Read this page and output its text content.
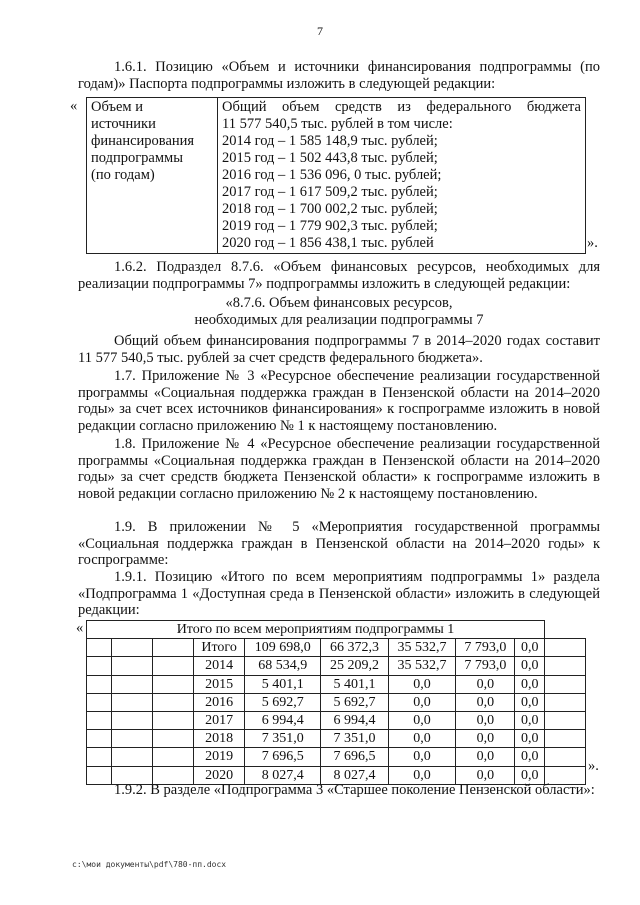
7

1.6.1. Позицию «Объем и источники финансирования подпрограммы (по годам)» Паспорта подпрограммы изложить в следующей редакции:

« Объем и
источники
финансирования
подпрограммы
(по годам)

Общий объем средств из федерального бюджета
11 577 540,5 тыс. рублей в том числе:
2014 год – 1 585 148,9 тыс. рублей;
2015 год – 1 502 443,8 тыс. рублей;
2016 год – 1 536 096, 0 тыс. рублей;
2017 год – 1 617 509,2 тыс. рублей;
2018 год – 1 700 002,2 тыс. рублей;
2019 год – 1 779 902,3 тыс. рублей;
2020 год – 1 856 438,1 тыс. рублей	».

1.6.2. Подраздел 8.7.6. «Объем финансовых ресурсов, необходимых для реализации подпрограммы 7» подпрограммы изложить в следующей редакции:

«8.7.6. Объем финансовых ресурсов,

необходимых для реализации подпрограммы 7

Общий объем финансирования подпрограммы 7 в 2014–2020 годах составит 11 577 540,5 тыс. рублей за счет средств федерального бюджета».

1.7. Приложение № 3 «Ресурсное обеспечение реализации государственной программы «Социальная поддержка граждан в Пензенской области на 2014–2020 годы» за счет всех источников финансирования» к госпрограмме изложить в новой редакции согласно приложению № 1 к настоящему постановлению.

1.8. Приложение № 4 «Ресурсное обеспечение реализации государственной программы «Социальная поддержка граждан в Пензенской области на 2014–2020 годы» за счет средств бюджета Пензенской области» к госпрограмме изложить в новой редакции согласно приложению № 2 к настоящему постановлению.

1.9. В приложении № 5 «Мероприятия государственной программы «Социальная поддержка граждан в Пензенской области на 2014–2020 годы» к госпрограмме:

1.9.1. Позицию «Итого по всем мероприятиям подпрограммы 1» раздела «Подпрограмма 1 «Доступная среда в Пензенской области» изложить в следующей редакции:

«	Итого по всем мероприятиям подпрограммы 1									
			Итого	109 698,0	66 372,3	35 532,7	7 793,0	0,0	
			2014	68 534,9	25 209,2	35 532,7	7 793,0	0,0	
			2015	5 401,1	5 401,1	0,0	0,0	0,0	
			2016	5 692,7	5 692,7	0,0	0,0	0,0	
			2017	6 994,4	6 994,4	0,0	0,0	0,0	
			2018	7 351,0	7 351,0	0,0	0,0	0,0	
			2019	7 696,5	7 696,5	0,0	0,0	0,0	
			2020	8 027,4	8 027,4	0,0	0,0	0,0	
».

1.9.2. В разделе «Подпрограмма 3 «Старшее поколение Пензенской области»:

c:\мои документы\pdf\780-пп.docx
